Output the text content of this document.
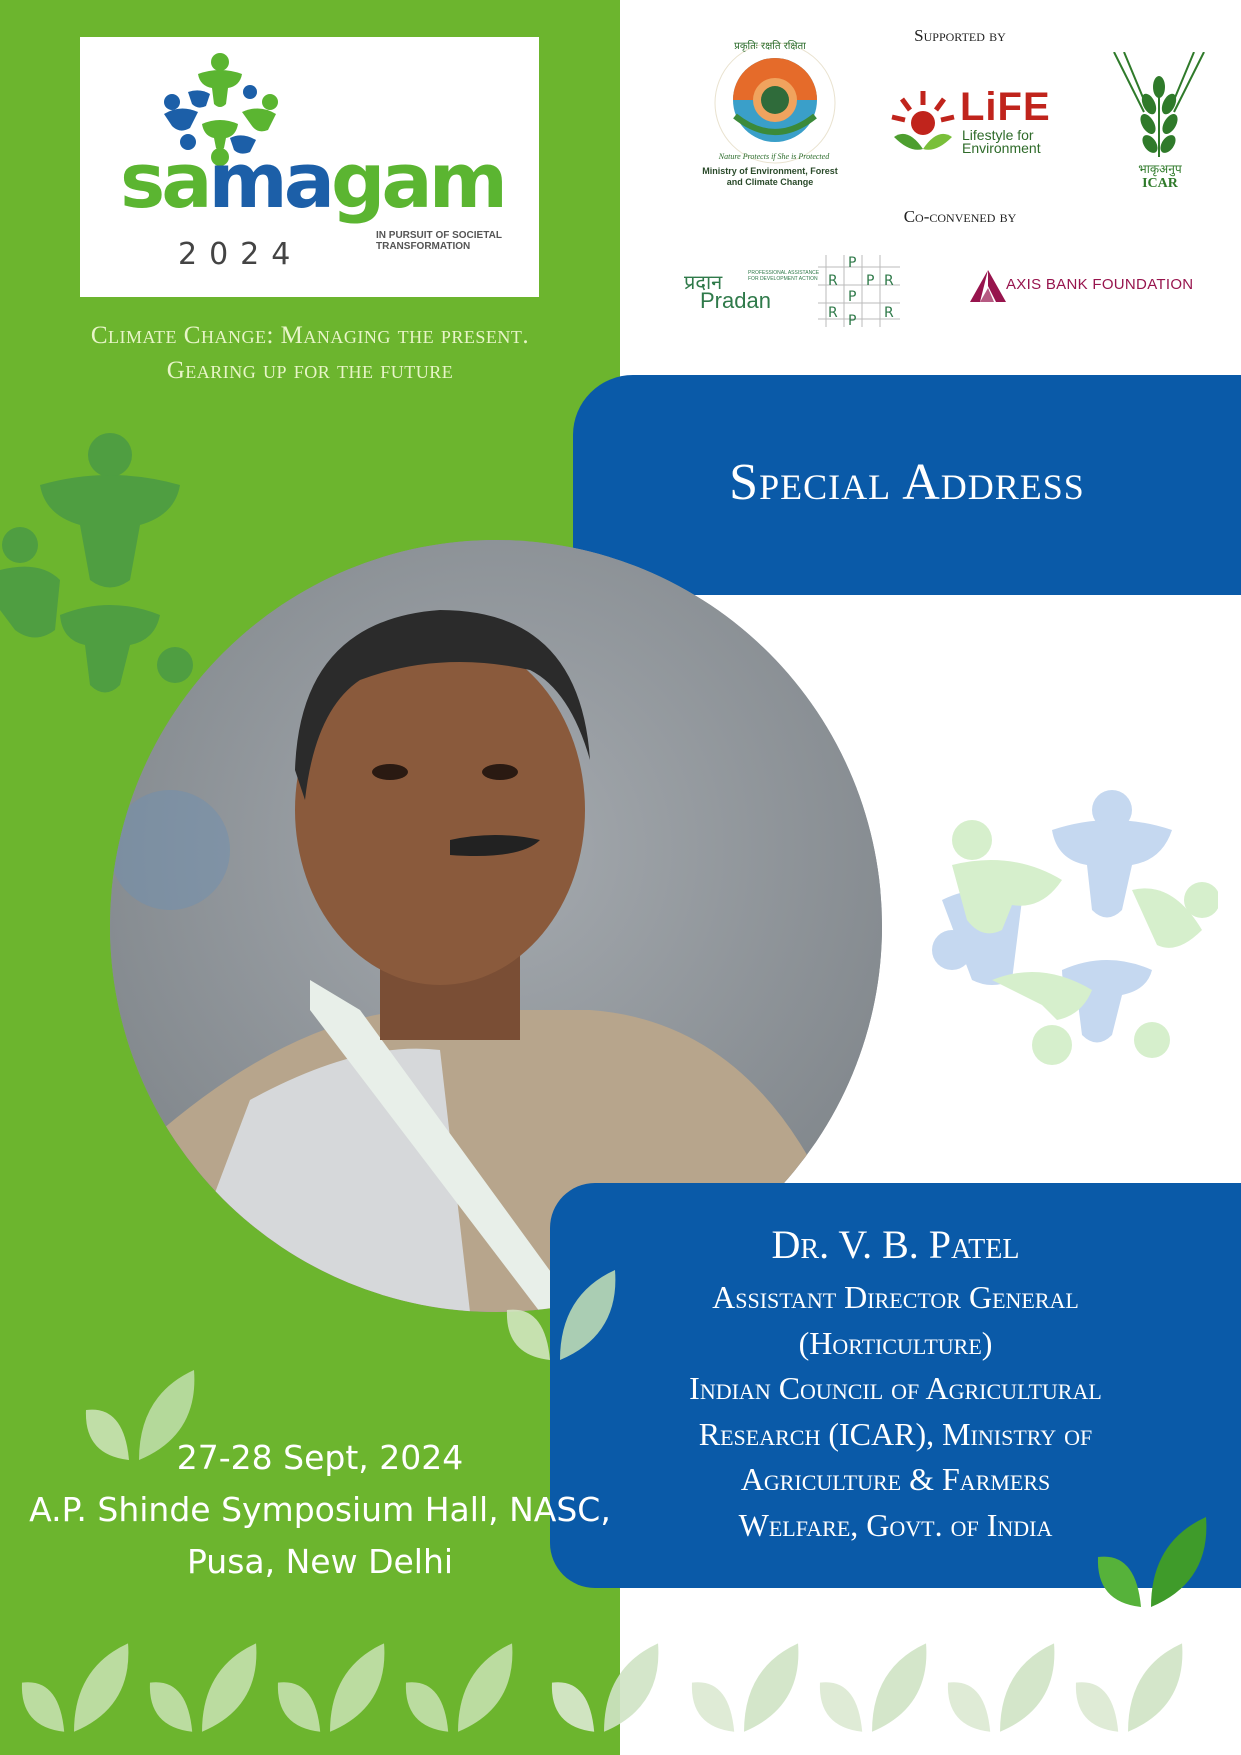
samagam
2024
IN PURSUIT OF SOCIETAL
TRANSFORMATION
Climate Change: Managing the present.
Gearing up for the future
Supported by
प्रकृतिः रक्षति रक्षिता
Nature Protects if She is Protected
Ministry of Environment, Forest
and Climate Change
LiFE
Lifestyle for
Environment
भाकृअनुप
ICAR
Co-convened by
प्रदान
Pradan
PROFESSIONAL ASSISTANCE
FOR DEVELOPMENT ACTION
P
R P R
P
R	R
P
AXIS BANK FOUNDATION
Special Address
Dr. V. B. Patel
Assistant Director General
(Horticulture)
Indian Council of Agricultural
Research (ICAR), Ministry of
Agriculture & Farmers
Welfare, Govt. of India
27-28 Sept, 2024
A.P. Shinde Symposium Hall, NASC,
Pusa, New Delhi
